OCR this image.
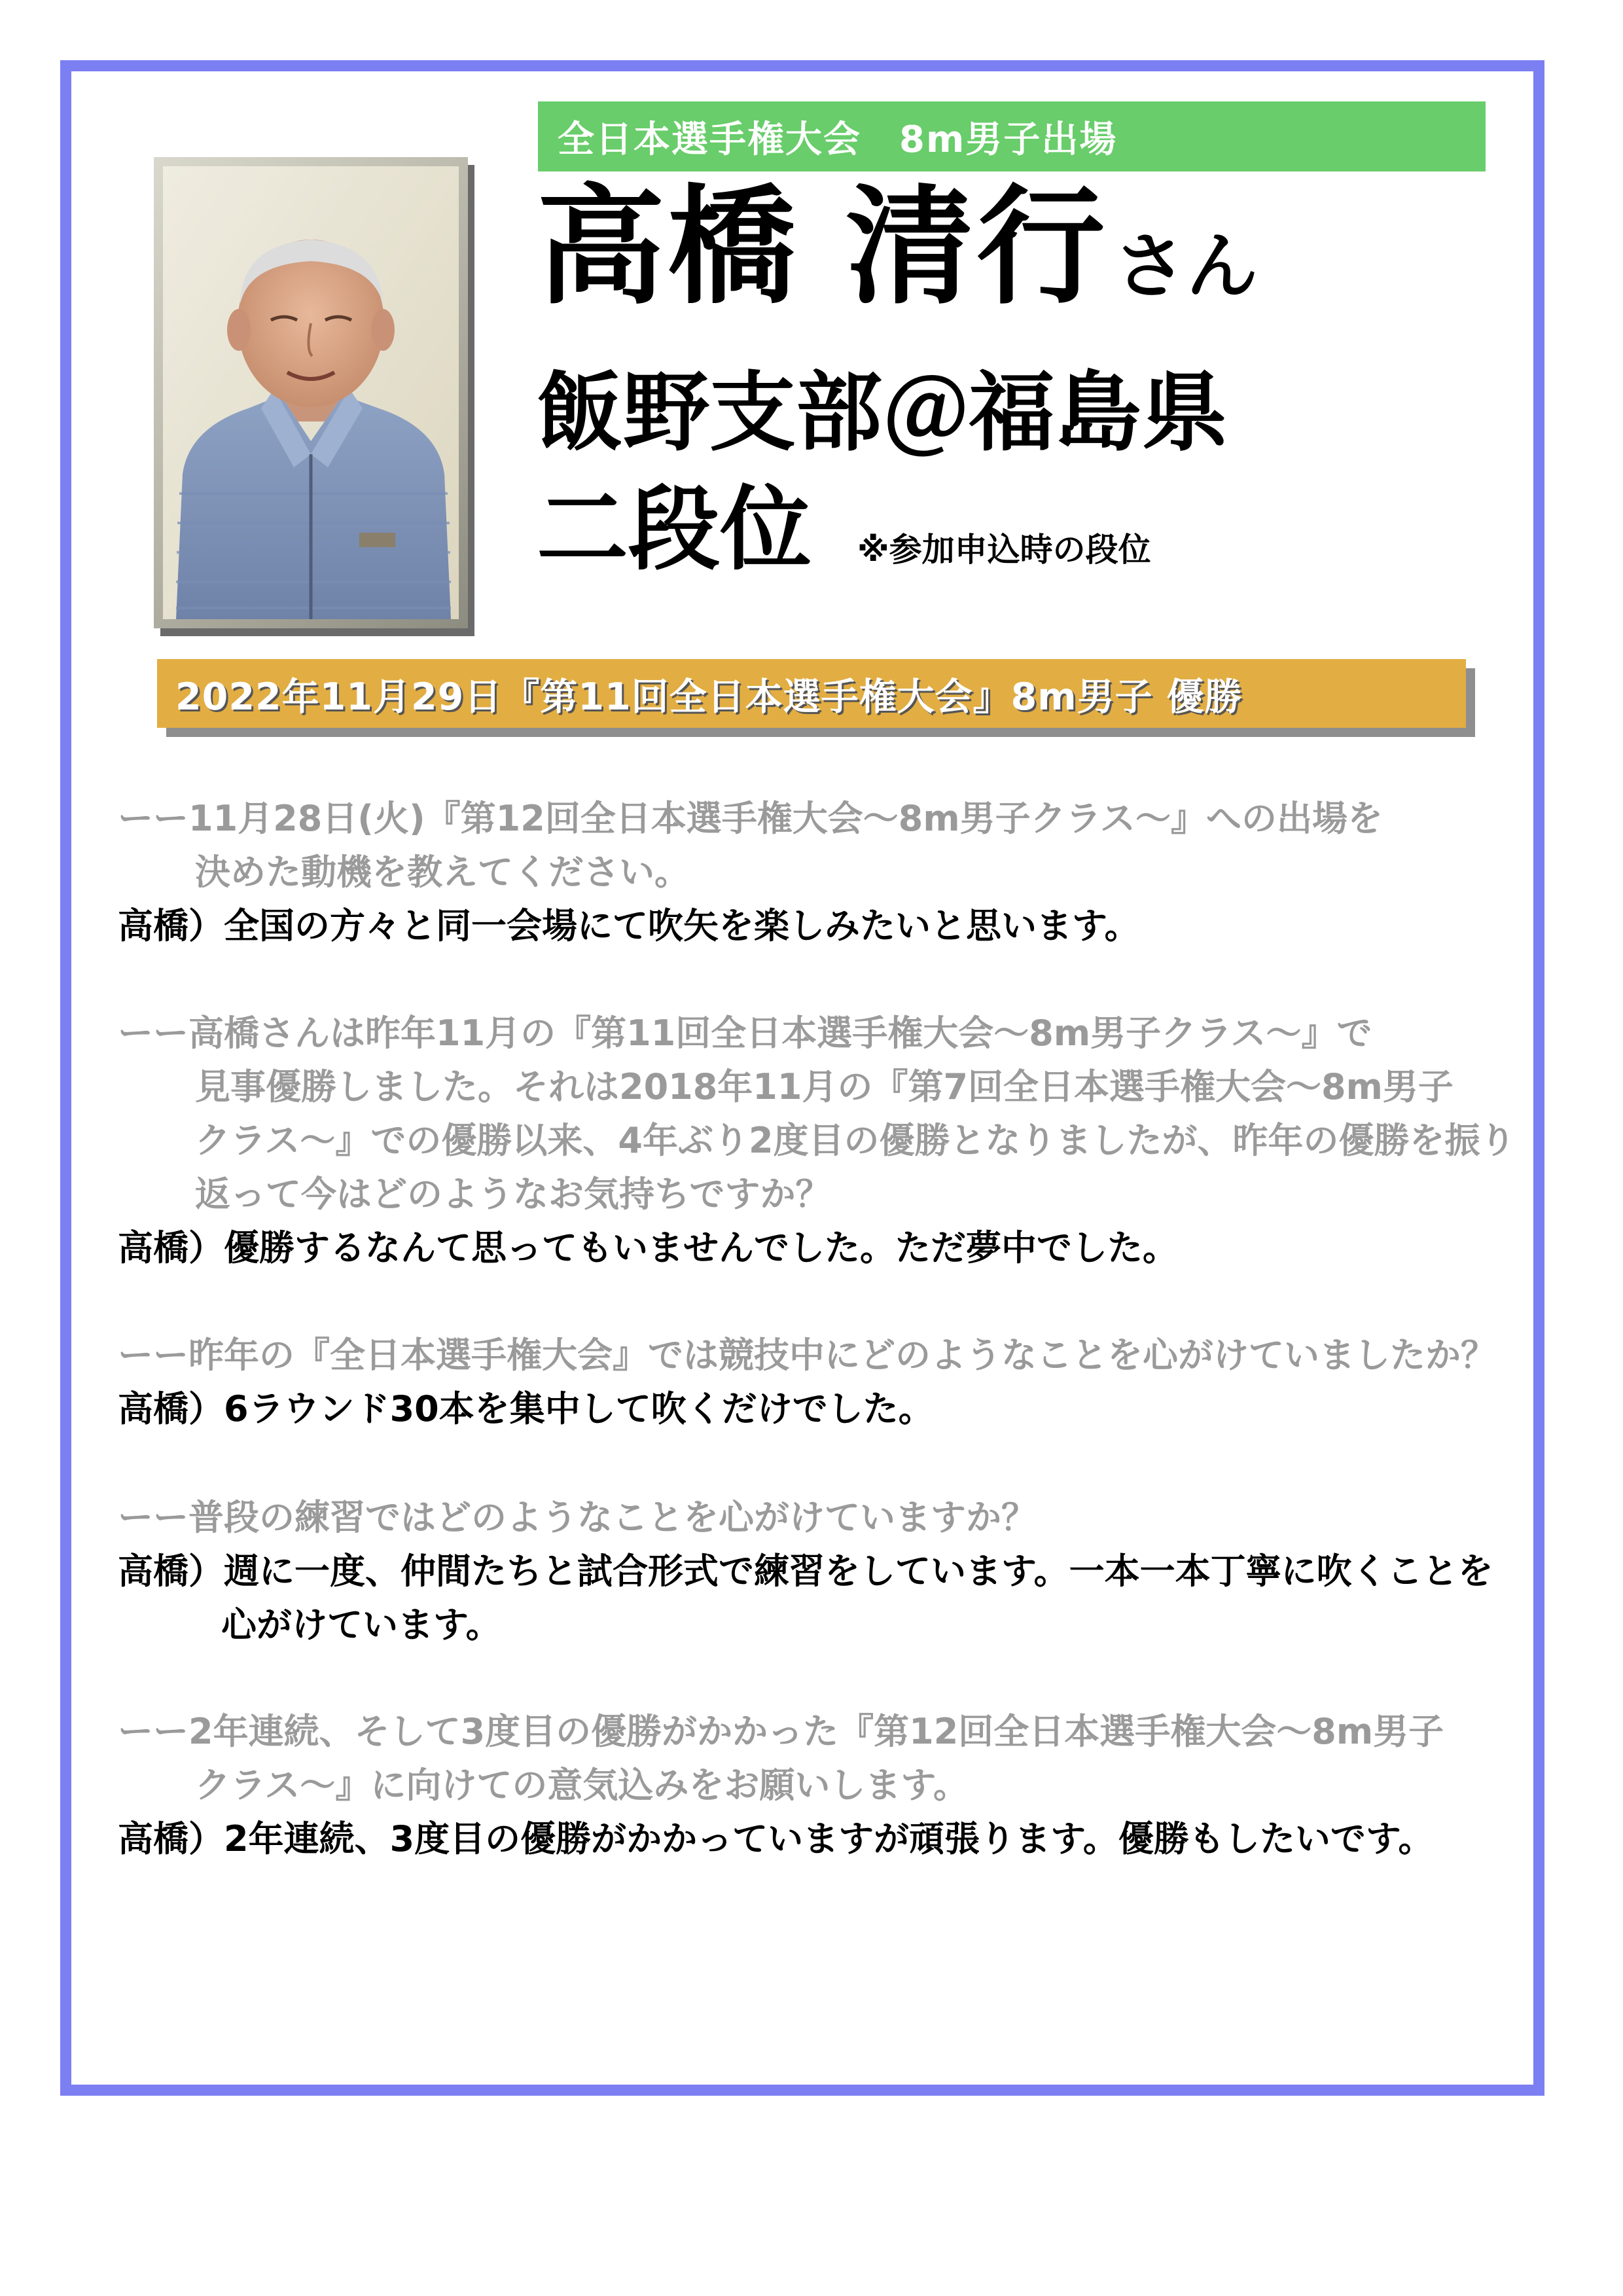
全日本選手権大会　8m男子出場
高橋 清行さん
飯野支部＠福島県
二段位 ※参加申込時の段位
2022年11月29日『第11回全日本選手権大会』8m男子 優勝
ーー11月28日(火)『第12回全日本選手権大会～8m男子クラス～』への出場を
決めた動機を教えてください。
高橋）全国の方々と同一会場にて吹矢を楽しみたいと思います。
ーー高橋さんは昨年11月の『第11回全日本選手権大会～8m男子クラス～』で
見事優勝しました。それは2018年11月の『第7回全日本選手権大会～8m男子
クラス～』での優勝以来、4年ぶり2度目の優勝となりましたが、昨年の優勝を振り
返って今はどのようなお気持ちですか？
高橋）優勝するなんて思ってもいませんでした。ただ夢中でした。
ーー昨年の『全日本選手権大会』では競技中にどのようなことを心がけていましたか？
高橋）6ラウンド30本を集中して吹くだけでした。
ーー普段の練習ではどのようなことを心がけていますか？
高橋）週に一度、仲間たちと試合形式で練習をしています。一本一本丁寧に吹くことを
心がけています。
ーー2年連続、そして3度目の優勝がかかった『第12回全日本選手権大会～8m男子
クラス～』に向けての意気込みをお願いします。
高橋）2年連続、3度目の優勝がかかっていますが頑張ります。優勝もしたいです。
